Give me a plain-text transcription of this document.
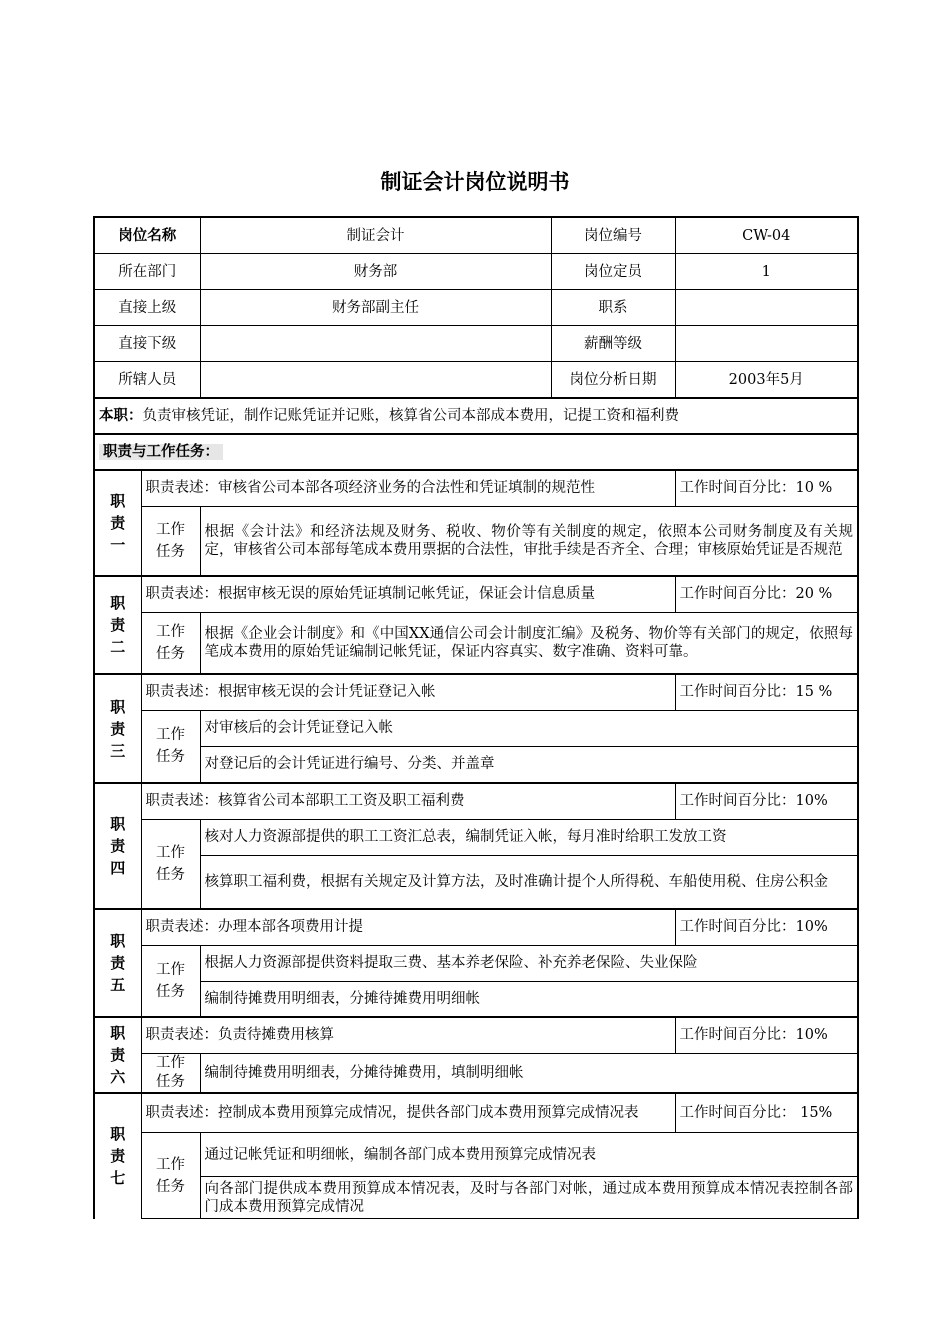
制证会计岗位说明书
岗位名称		制证会计	岗位编号	CW-04
所在部门		财务部	岗位定员	1
直接上级		财务部副主任	职系	
直接下级			薪酬等级	
所辖人员			岗位分析日期	2003年5月
本职：负责审核凭证，制作记账凭证并记账，核算省公司本部成本费用，记提工资和福利费				
职责与工作任务：				

职
责
一	职责表述：审核省公司本部各项经济业务的合法性和凭证填制的规范性			工作时间百分比：10 %

	工作
任务	根据《会计法》和经济法规及财务、税收、物价等有关制度的规定，依照本公司财务制度及有关规定，审核省公司本部每笔成本费用票据的合法性，审批手续是否齐全、合理；审核原始凭证是否规范		

职
责
二	职责表述：根据审核无误的原始凭证填制记帐凭证，保证会计信息质量			工作时间百分比：20 %

	工作
任务	根据《企业会计制度》和《中国XX通信公司会计制度汇编》及税务、物价等有关部门的规定，依照每笔成本费用的原始凭证编制记帐凭证，保证内容真实、数字准确、资料可靠。		

职
责
三	职责表述：根据审核无误的会计凭证登记入帐			工作时间百分比：15 %

	工作
任务	对审核后的会计凭证登记入帐		
		对登记后的会计凭证进行编号、分类、并盖章		

职
责
四	职责表述：核算省公司本部职工工资及职工福利费			工作时间百分比：10%

	工作
任务	核对人力资源部提供的职工工资汇总表，编制凭证入帐，每月准时给职工发放工资		
		核算职工福利费，根据有关规定及计算方法，及时准确计提个人所得税、车船使用税、住房公积金		

职
责
五	职责表述：办理本部各项费用计提			工作时间百分比：10%

	工作
任务	根据人力资源部提供资料提取三费、基本养老保险、补充养老保险、失业保险		
		编制待摊费用明细表，分摊待摊费用明细帐		

职
责
六	职责表述：负责待摊费用核算			工作时间百分比：10%

	工作
任务	编制待摊费用明细表，分摊待摊费用，填制明细帐		

职
责
七	职责表述：控制成本费用预算完成情况，提供各部门成本费用预算完成情况表			工作时间百分比： 15%

	工作
任务	通过记帐凭证和明细帐，编制各部门成本费用预算完成情况表		
		向各部门提供成本费用预算成本情况表，及时与各部门对帐，通过成本费用预算成本情况表控制各部门成本费用预算完成情况		
